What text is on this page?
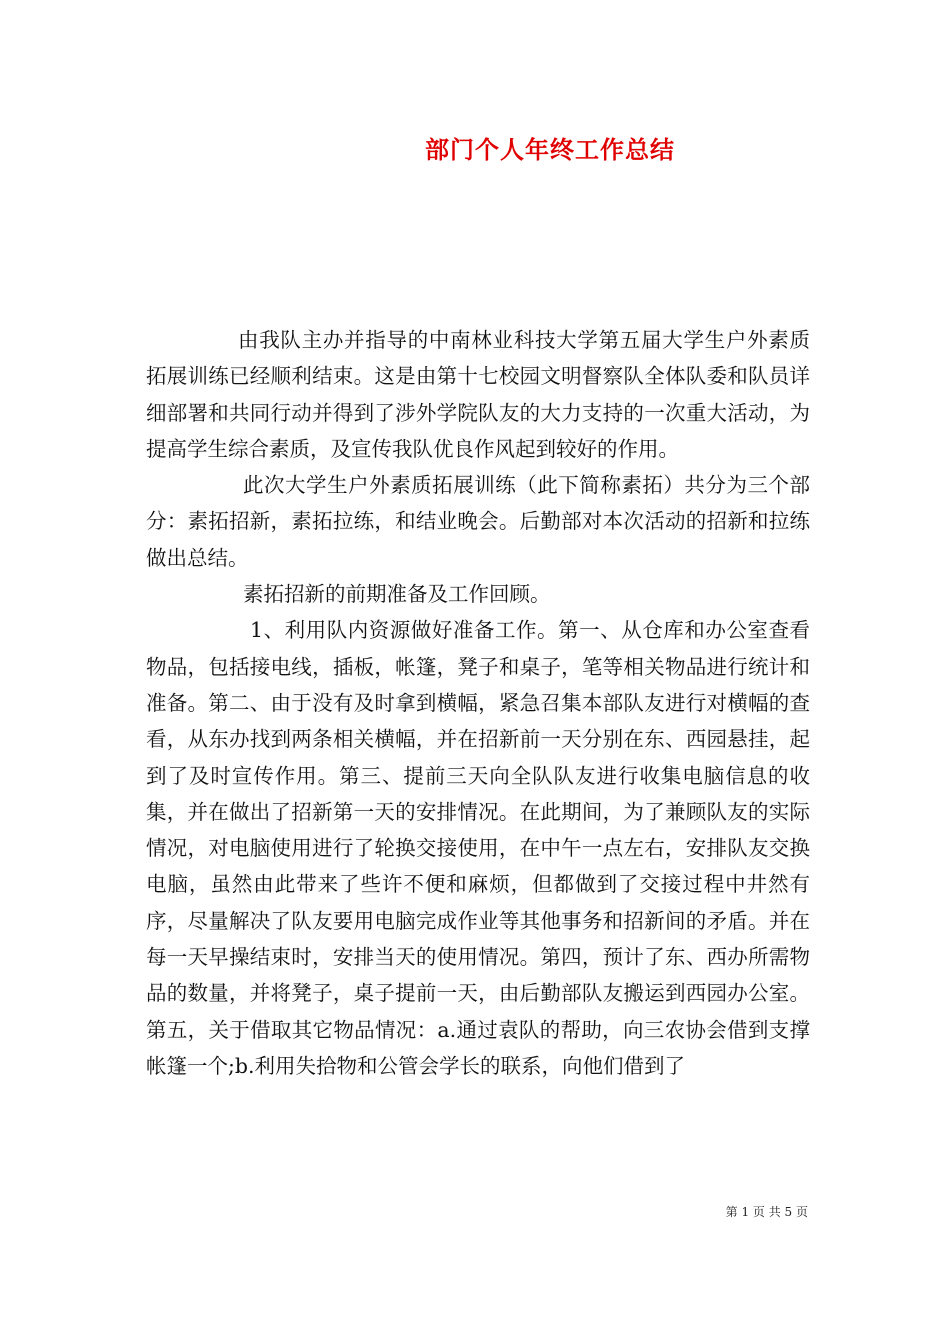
部门个人年终工作总结

由我队主办并指导的中南林业科技大学第五届大学生户外素质拓展训练已经顺利结束。这是由第十七校园文明督察队全体队委和队员详细部署和共同行动并得到了涉外学院队友的大力支持的一次重大活动，为提高学生综合素质，及宣传我队优良作风起到较好的作用。

此次大学生户外素质拓展训练（此下简称素拓）共分为三个部分：素拓招新，素拓拉练，和结业晚会。后勤部对本次活动的招新和拉练做出总结。

素拓招新的前期准备及工作回顾。

1、利用队内资源做好准备工作。第一、从仓库和办公室查看物品，包括接电线，插板，帐篷，凳子和桌子，笔等相关物品进行统计和准备。第二、由于没有及时拿到横幅，紧急召集本部队友进行对横幅的查看，从东办找到两条相关横幅，并在招新前一天分别在东、西园悬挂，起到了及时宣传作用。第三、提前三天向全队队友进行收集电脑信息的收集，并在做出了招新第一天的安排情况。在此期间，为了兼顾队友的实际情况，对电脑使用进行了轮换交接使用，在中午一点左右，安排队友交换电脑，虽然由此带来了些许不便和麻烦，但都做到了交接过程中井然有序，尽量解决了队友要用电脑完成作业等其他事务和招新间的矛盾。并在每一天早操结束时，安排当天的使用情况。第四，预计了东、西办所需物品的数量，并将凳子，桌子提前一天，由后勤部队友搬运到西园办公室。第五，关于借取其它物品情况：a.通过袁队的帮助，向三农协会借到支撑帐篷一个;b.利用失拾物和公管会学长的联系，向他们借到了

第 1 页 共 5 页
